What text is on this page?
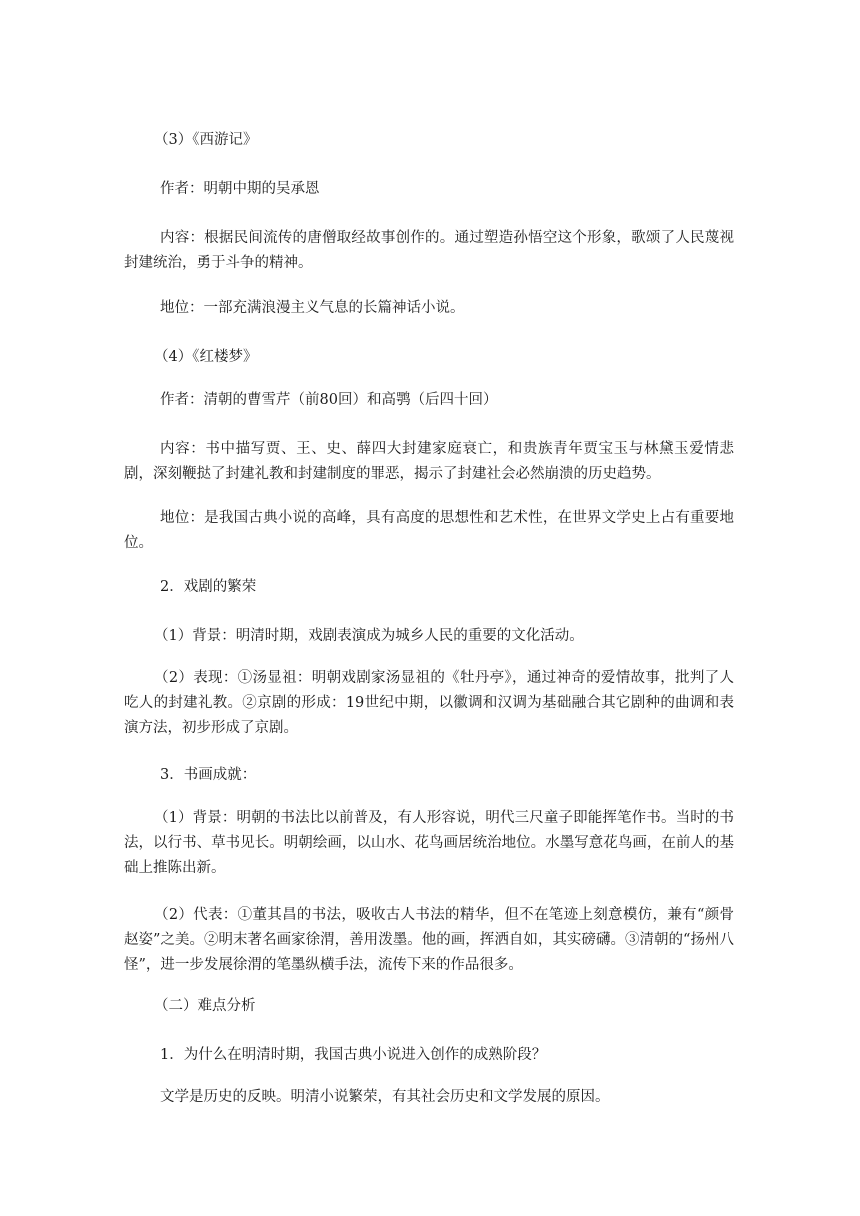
（3）《西游记》

作者：明朝中期的吴承恩

内容：根据民间流传的唐僧取经故事创作的。通过塑造孙悟空这个形象，歌颂了人民蔑视封建统治，勇于斗争的精神。

地位：一部充满浪漫主义气息的长篇神话小说。

（4）《红楼梦》

作者：清朝的曹雪芹（前80回）和高鹗（后四十回）

内容：书中描写贾、王、史、薛四大封建家庭衰亡，和贵族青年贾宝玉与林黛玉爱情悲剧，深刻鞭挞了封建礼教和封建制度的罪恶，揭示了封建社会必然崩溃的历史趋势。

地位：是我国古典小说的高峰，具有高度的思想性和艺术性，在世界文学史上占有重要地位。

2．戏剧的繁荣

（1）背景：明清时期，戏剧表演成为城乡人民的重要的文化活动。

（2）表现：①汤显祖：明朝戏剧家汤显祖的《牡丹亭》，通过神奇的爱情故事，批判了人吃人的封建礼教。②京剧的形成：19世纪中期，以徽调和汉调为基础融合其它剧种的曲调和表演方法，初步形成了京剧。

3．书画成就：

（1）背景：明朝的书法比以前普及，有人形容说，明代三尺童子即能挥笔作书。当时的书法，以行书、草书见长。明朝绘画，以山水、花鸟画居统治地位。水墨写意花鸟画，在前人的基础上推陈出新。

（2）代表：①董其昌的书法，吸收古人书法的精华，但不在笔迹上刻意模仿，兼有“颜骨赵姿”之美。②明末著名画家徐渭，善用泼墨。他的画，挥洒自如，其实磅礴。③清朝的“扬州八怪”，进一步发展徐渭的笔墨纵横手法，流传下来的作品很多。

（二）难点分析

1．为什么在明清时期，我国古典小说进入创作的成熟阶段？

文学是历史的反映。明清小说繁荣，有其社会历史和文学发展的原因。
